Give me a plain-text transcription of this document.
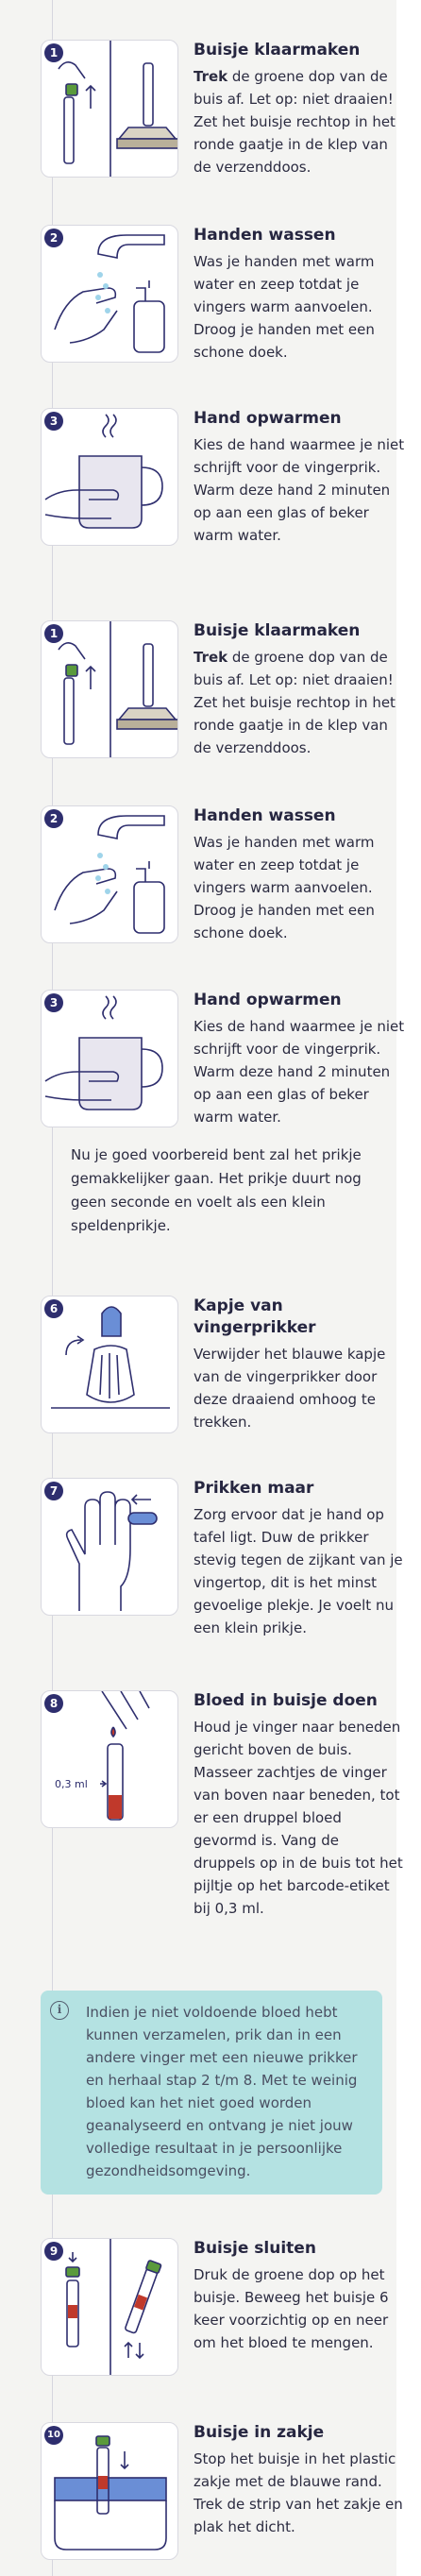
1	Buisje klaarmaken
Trek de groene dop van de buis af. Let op: niet draaien! Zet het buisje rechtop in het ronde gaatje in de klep van de verzenddoos.
2	Handen wassen
Was je handen met warm water en zeep totdat je vingers warm aanvoelen. Droog je handen met een schone doek.
3	Hand opwarmen
Kies de hand waarmee je niet schrijft voor de vingerprik. Warm deze hand 2 minuten op aan een glas of beker warm water.
1	Buisje klaarmaken
Trek de groene dop van de buis af. Let op: niet draaien! Zet het buisje rechtop in het ronde gaatje in de klep van de verzenddoos.
2	Handen wassen
Was je handen met warm water en zeep totdat je vingers warm aanvoelen. Droog je handen met een schone doek.
3	Hand opwarmen
Kies de hand waarmee je niet schrijft voor de vingerprik. Warm deze hand 2 minuten op aan een glas of beker warm water.
Nu je goed voorbereid bent zal het prikje gemakkelijker gaan. Het prikje duurt nog geen seconde en voelt als een klein speldenprikje.
6	Kapje van vingerprikker
Verwijder het blauwe kapje van de vingerprikker door deze draaiend omhoog te trekken.
7	Prikken maar
Zorg ervoor dat je hand op tafel ligt. Duw de prikker stevig tegen de zijkant van je vingertop, dit is het minst gevoelige plekje. Je voelt nu een klein prikje.
8
0,3 ml
Bloed in buisje doen
Houd je vinger naar beneden gericht boven de buis. Masseer zachtjes de vinger van boven naar beneden, tot er een druppel bloed gevormd is. Vang de druppels op in de buis tot het pijltje op het barcode-etiket bij 0,3 ml.
i	Indien je niet voldoende bloed hebt kunnen verzamelen, prik dan in een andere vinger met een nieuwe prikker en herhaal stap 2 t/m 8. Met te weinig bloed kan het niet goed worden geanalyseerd en ontvang je niet jouw volledige resultaat in je persoonlijke gezondheidsomgeving.
9	Buisje sluiten
Druk de groene dop op het buisje. Beweeg het buisje 6 keer voorzichtig op en neer om het bloed te mengen.
10	Buisje in zakje
Stop het buisje in het plastic zakje met de blauwe rand. Trek de strip van het zakje en plak het dicht.
